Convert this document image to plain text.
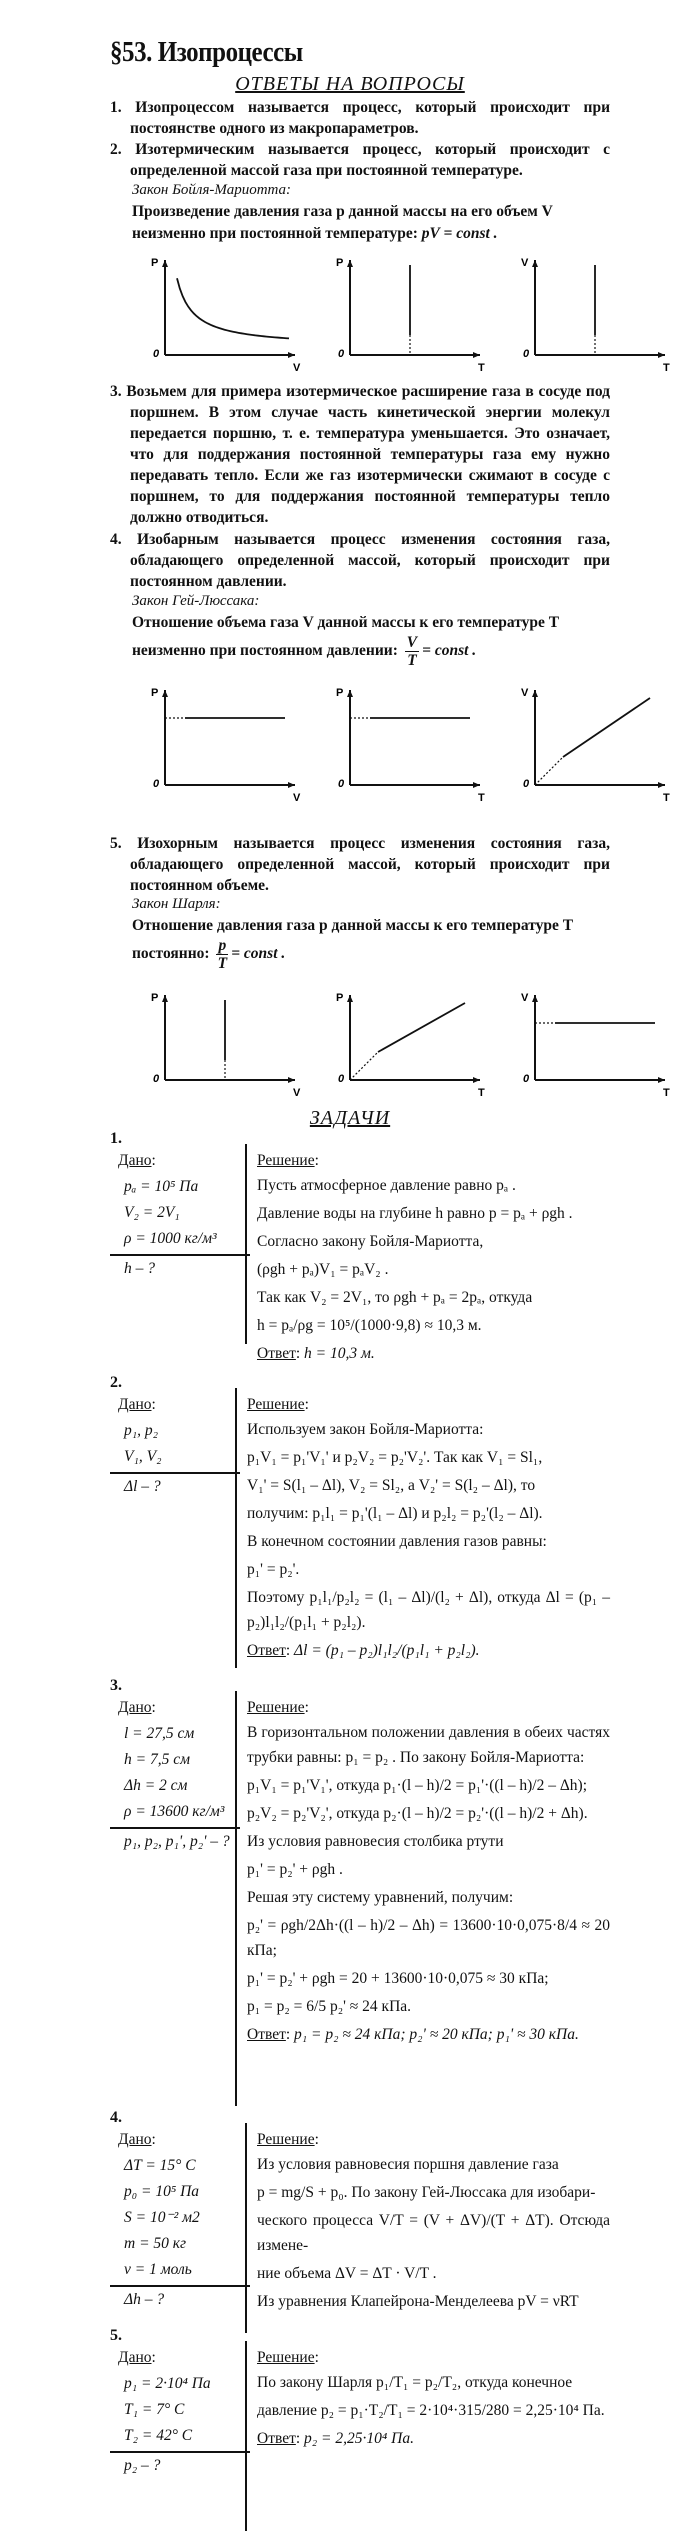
§53. Изопроцессы
ОТВЕТЫ НА ВОПРОСЫ
1. Изопроцессом называется процесс, который происходит при постоянстве одного из макропараметров.
2. Изотермическим называется процесс, который происходит с определенной массой газа при постоянной температуре.
Закон Бойля-Мариотта:
Произведение давления газа p данной массы на его объем V неизменно при постоянной температуре: pV = const .
P
V
0
P
T
0
V
T
0
3. Возьмем для примера изотермическое расширение газа в сосуде под поршнем. В этом случае часть кинетической энергии молекул передается поршню, т. е. температура уменьшается. Это означает, что для поддержания постоянной температуры газа ему нужно передавать тепло. Если же газ изотермически сжимают в сосуде с поршнем, то для поддержания постоянной температуры тепло должно отводиться.
4. Изобарным называется процесс изменения состояния газа, обладающего определенной массой, который происходит при постоянном давлении.
Закон Гей-Люссака:
Отношение объема газа V данной массы к его температуре T неизменно при постоянном давлении: $\frac{V}{T}$ = const .
P
V
0
P
T
0
V
T
0
5. Изохорным называется процесс изменения состояния газа, обладающего определенной массой, который происходит при постоянном объеме.
Закон Шарля:
Отношение давления газа p данной массы к его температуре T постоянно: $\frac{p}{T}$ = const .
P
V
0
P
T
0
V
T
0
ЗАДАЧИ
1.
Дано:
pₐ = 10⁵ Па
V₂ = 2V₁
ρ = 1000 кг/м³
h – ?
Решение:
Пусть атмосферное давление равно pₐ .
Давление воды на глубине h равно p = pₐ + ρgh .
Согласно закону Бойля-Мариотта,
(ρgh + pₐ)V₁ = pₐV₂ .
Так как V₂ = 2V₁, то ρgh + pₐ = 2pₐ, откуда
h = pₐ/ρg = 10⁵/(1000·9,8) ≈ 10,3 м.
Ответ: h = 10,3 м.
2.
Дано:
p₁, p₂
V₁, V₂
Δl – ?
Решение:
Используем закон Бойля-Мариотта:
p₁V₁ = p₁'V₁' и p₂V₂ = p₂'V₂'. Так как V₁ = Sl₁,
V₁' = S(l₁ – Δl), V₂ = Sl₂, а V₂' = S(l₂ – Δl), то
получим: p₁l₁ = p₁'(l₁ – Δl) и p₂l₂ = p₂'(l₂ – Δl).
В конечном состоянии давления газов равны:
p₁' = p₂'.
Поэтому p₁l₁/p₂l₂ = (l₁ – Δl)/(l₂ + Δl), откуда Δl = (p₁ – p₂)l₁l₂/(p₁l₁ + p₂l₂).
Ответ: Δl = (p₁ – p₂)l₁l₂/(p₁l₁ + p₂l₂).
3.
Дано:
l = 27,5 см
h = 7,5 см
Δh = 2 см
ρ = 13600 кг/м³
p₁, p₂, p₁', p₂' – ?
Решение:
В горизонтальном положении давления в обеих частях трубки равны: p₁ = p₂ . По закону Бойля-Мариотта:
p₁V₁ = p₁'V₁', откуда p₁·(l – h)/2 = p₁'·((l – h)/2 – Δh);
p₂V₂ = p₂'V₂', откуда p₂·(l – h)/2 = p₂'·((l – h)/2 + Δh).
Из условия равновесия столбика ртути
p₁' = p₂' + ρgh .
Решая эту систему уравнений, получим:
p₂' = ρgh/2Δh·((l – h)/2 – Δh) = 13600·10·0,075·8/4 ≈ 20 кПа;
p₁' = p₂' + ρgh = 20 + 13600·10·0,075 ≈ 30 кПа;
p₁ = p₂ = 6/5 p₂' ≈ 24 кПа.
Ответ: p₁ = p₂ ≈ 24 кПа; p₂' ≈ 20 кПа; p₁' ≈ 30 кПа.
4.
Дано:
ΔT = 15° C
p₀ = 10⁵ Па
S = 10⁻² м2
m = 50 кг
ν = 1 моль
Δh – ?
Решение:
Из условия равновесия поршня давление газа
p = mg/S + p₀. По закону Гей-Люссака для изобари-
ческого процесса V/T = (V + ΔV)/(T + ΔT). Отсюда измене-
ние объема ΔV = ΔT · V/T .
Из уравнения Клапейрона-Менделеева pV = νRT
5.
Дано:
p₁ = 2·10⁴ Па
T₁ = 7° C
T₂ = 42° C
p₂ – ?
Решение:
По закону Шарля p₁/T₁ = p₂/T₂, откуда конечное
давление p₂ = p₁·T₂/T₁ = 2·10⁴·315/280 = 2,25·10⁴ Па.
Ответ: p₂ = 2,25·10⁴ Па.
